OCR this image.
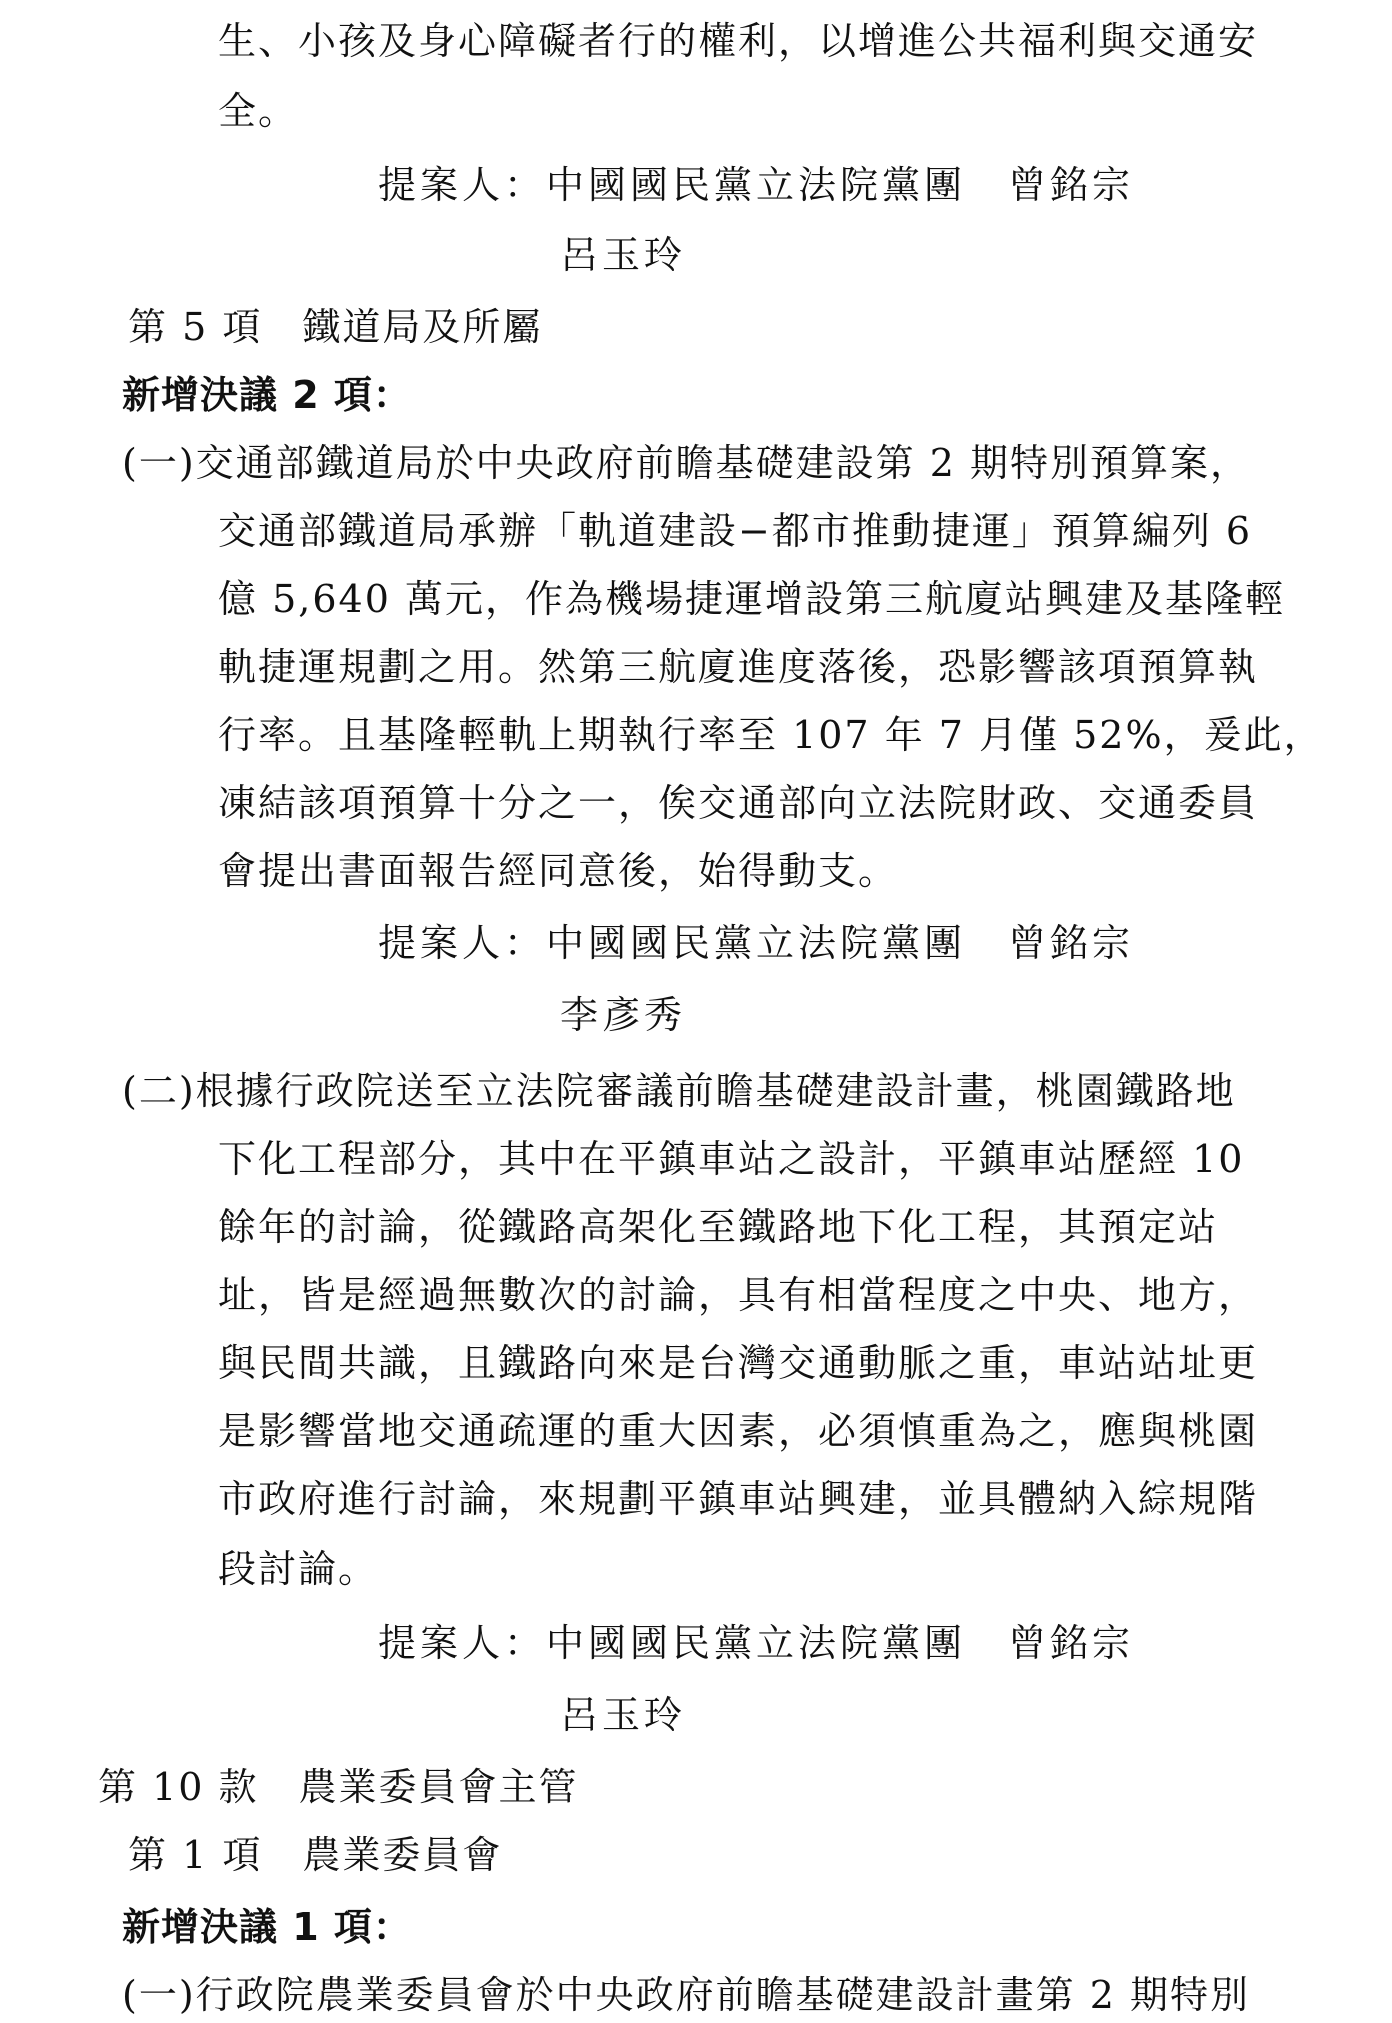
生、小孩及身心障礙者行的權利，以增進公共福利與交通安
全。
提案人：中國國民黨立法院黨團　曾銘宗
呂玉玲
第 5 項　鐵道局及所屬
新增決議 2 項：
(一)交通部鐵道局於中央政府前瞻基礎建設第 2 期特別預算案，
交通部鐵道局承辦「軌道建設−都市推動捷運」預算編列 6
億 5,640 萬元，作為機場捷運增設第三航廈站興建及基隆輕
軌捷運規劃之用。然第三航廈進度落後，恐影響該項預算執
行率。且基隆輕軌上期執行率至 107 年 7 月僅 52%，爰此，
凍結該項預算十分之一，俟交通部向立法院財政、交通委員
會提出書面報告經同意後，始得動支。
提案人：中國國民黨立法院黨團　曾銘宗
李彥秀
(二)根據行政院送至立法院審議前瞻基礎建設計畫，桃園鐵路地
下化工程部分，其中在平鎮車站之設計，平鎮車站歷經 10
餘年的討論，從鐵路高架化至鐵路地下化工程，其預定站
址，皆是經過無數次的討論，具有相當程度之中央、地方，
與民間共識，且鐵路向來是台灣交通動脈之重，車站站址更
是影響當地交通疏運的重大因素，必須慎重為之，應與桃園
市政府進行討論，來規劃平鎮車站興建，並具體納入綜規階
段討論。
提案人：中國國民黨立法院黨團　曾銘宗
呂玉玲
第 10 款　農業委員會主管
第 1 項　農業委員會
新增決議 1 項：
(一)行政院農業委員會於中央政府前瞻基礎建設計畫第 2 期特別
